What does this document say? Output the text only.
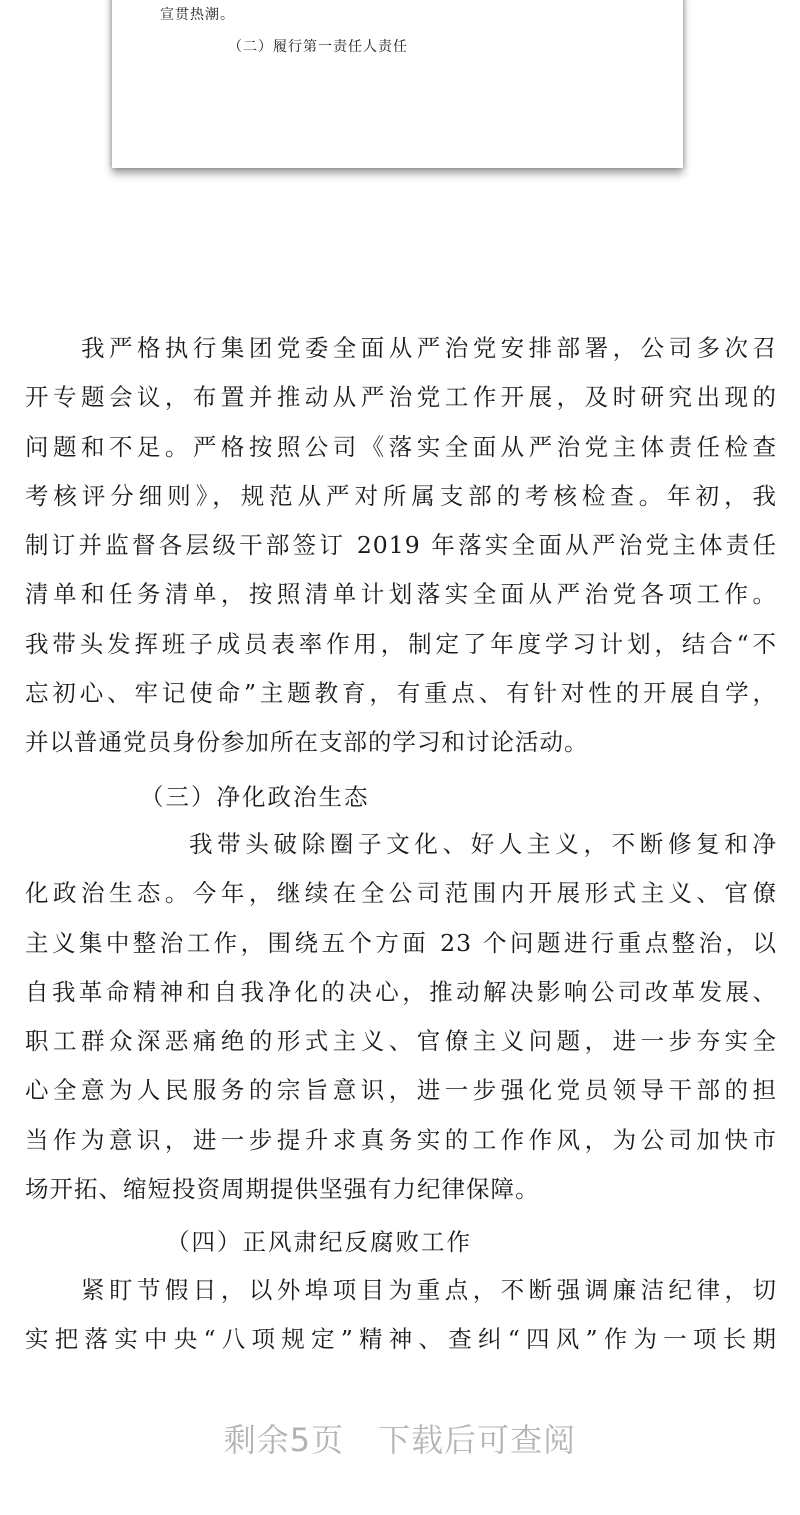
宣贯热潮。
（二）履行第一责任人责任
我严格执行集团党委全面从严治党安排部署，公司多次召
开专题会议，布置并推动从严治党工作开展，及时研究出现的
问题和不足。严格按照公司《落实全面从严治党主体责任检查
考核评分细则》，规范从严对所属支部的考核检查。年初，我
制订并监督各层级干部签订 2019 年落实全面从严治党主体责任
清单和任务清单，按照清单计划落实全面从严治党各项工作。
我带头发挥班子成员表率作用，制定了年度学习计划，结合“不
忘初心、牢记使命”主题教育，有重点、有针对性的开展自学，
并以普通党员身份参加所在支部的学习和讨论活动。
（三）净化政治生态
我带头破除圈子文化、好人主义，不断修复和净
化政治生态。今年，继续在全公司范围内开展形式主义、官僚
主义集中整治工作，围绕五个方面 23 个问题进行重点整治，以
自我革命精神和自我净化的决心，推动解决影响公司改革发展、
职工群众深恶痛绝的形式主义、官僚主义问题，进一步夯实全
心全意为人民服务的宗旨意识，进一步强化党员领导干部的担
当作为意识，进一步提升求真务实的工作作风，为公司加快市
场开拓、缩短投资周期提供坚强有力纪律保障。
（四）正风肃纪反腐败工作
紧盯节假日，以外埠项目为重点，不断强调廉洁纪律，切
实把落实中央“八项规定”精神、查纠“四风”作为一项长期
剩余5页 下载后可查阅
